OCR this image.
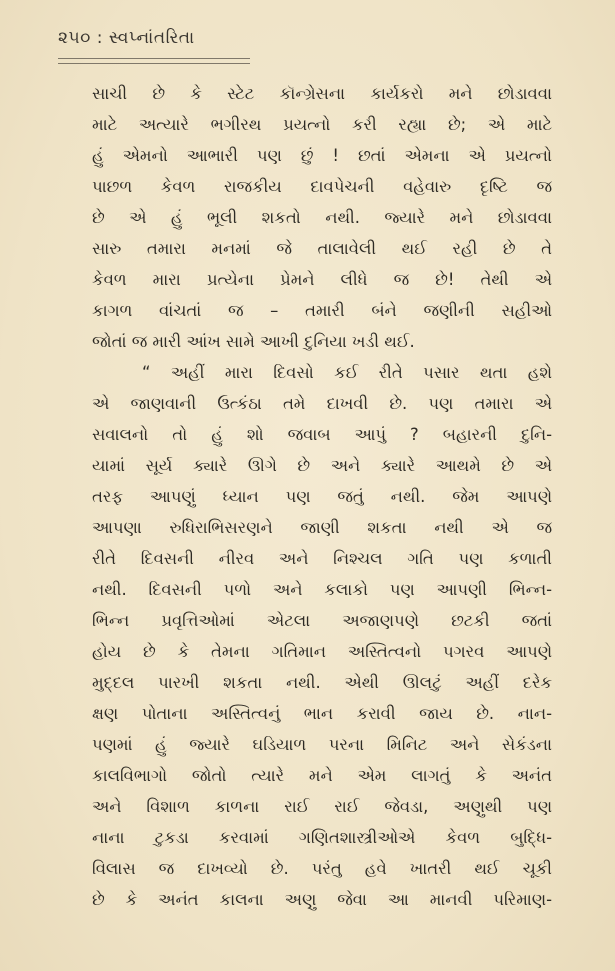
૨૫૦ : સ્વપ્નાંતરિતા
સાચી છે કે સ્ટેટ કૉન્ગ્રેસના કાર્યકરો મને છોડાવવા
માટે અત્યારે ભગીરથ પ્રયત્નો કરી રહ્યા છે; એ માટે
હું એમનો આભારી પણ છું ! છતાં એમના એ પ્રયત્નો
પાછળ કેવળ રાજકીય દાવપેચની વહેવારુ દૃષ્ટિ જ
છે એ હું ભૂલી શકતો નથી. જ્યારે મને છોડાવવા
સારુ તમારા મનમાં જે તાલાવેલી થઈ રહી છે તે
કેવળ મારા પ્રત્યેના પ્રેમને લીધે જ છે! તેથી એ
કાગળ વાંચતાં જ – તમારી બંને જણીની સહીઓ
જોતાં જ મારી આંખ સામે આખી દુનિયા ખડી થઈ.
“ અહીં મારા દિવસો કઈ રીતે પસાર થતા હશે
એ જાણવાની ઉત્કંઠા તમે દાખવી છે. પણ તમારા એ
સવાલનો તો હું શો જવાબ આપું ? બહારની દુનિ-
યામાં સૂર્ય ક્યારે ઊગે છે અને ક્યારે આથમે છે એ
તરફ આપણું ધ્યાન પણ જતું નથી. જેમ આપણે
આપણા રુધિરાભિસરણને જાણી શકતા નથી એ જ
રીતે દિવસની નીરવ અને નિશ્ચલ ગતિ પણ કળાતી
નથી. દિવસની પળો અને કલાકો પણ આપણી ભિન્ન-
ભિન્ન પ્રવૃત્તિઓમાં એટલા અજાણપણે છટકી જતાં
હોય છે કે તેમના ગતિમાન અસ્તિત્વનો પગરવ આપણે
મુદ્દલ પારખી શકતા નથી. એથી ઊલટું અહીં દરેક
ક્ષણ પોતાના અસ્તિત્વનું ભાન કરાવી જાય છે. નાન-
પણમાં હું જ્યારે ઘડિયાળ પરના મિનિટ અને સેકંડના
કાલવિભાગો જોતો ત્યારે મને એમ લાગતું કે અનંત
અને વિશાળ કાળના રાઈ રાઈ જેવડા, અણુથી પણ
નાના ટુકડા કરવામાં ગણિતશાસ્ત્રીઓએ કેવળ બુદ્ધિ-
વિલાસ જ દાખવ્યો છે. પરંતુ હવે ખાતરી થઈ ચૂકી
છે કે અનંત કાલના અણુ જેવા આ માનવી પરિમાણ-
